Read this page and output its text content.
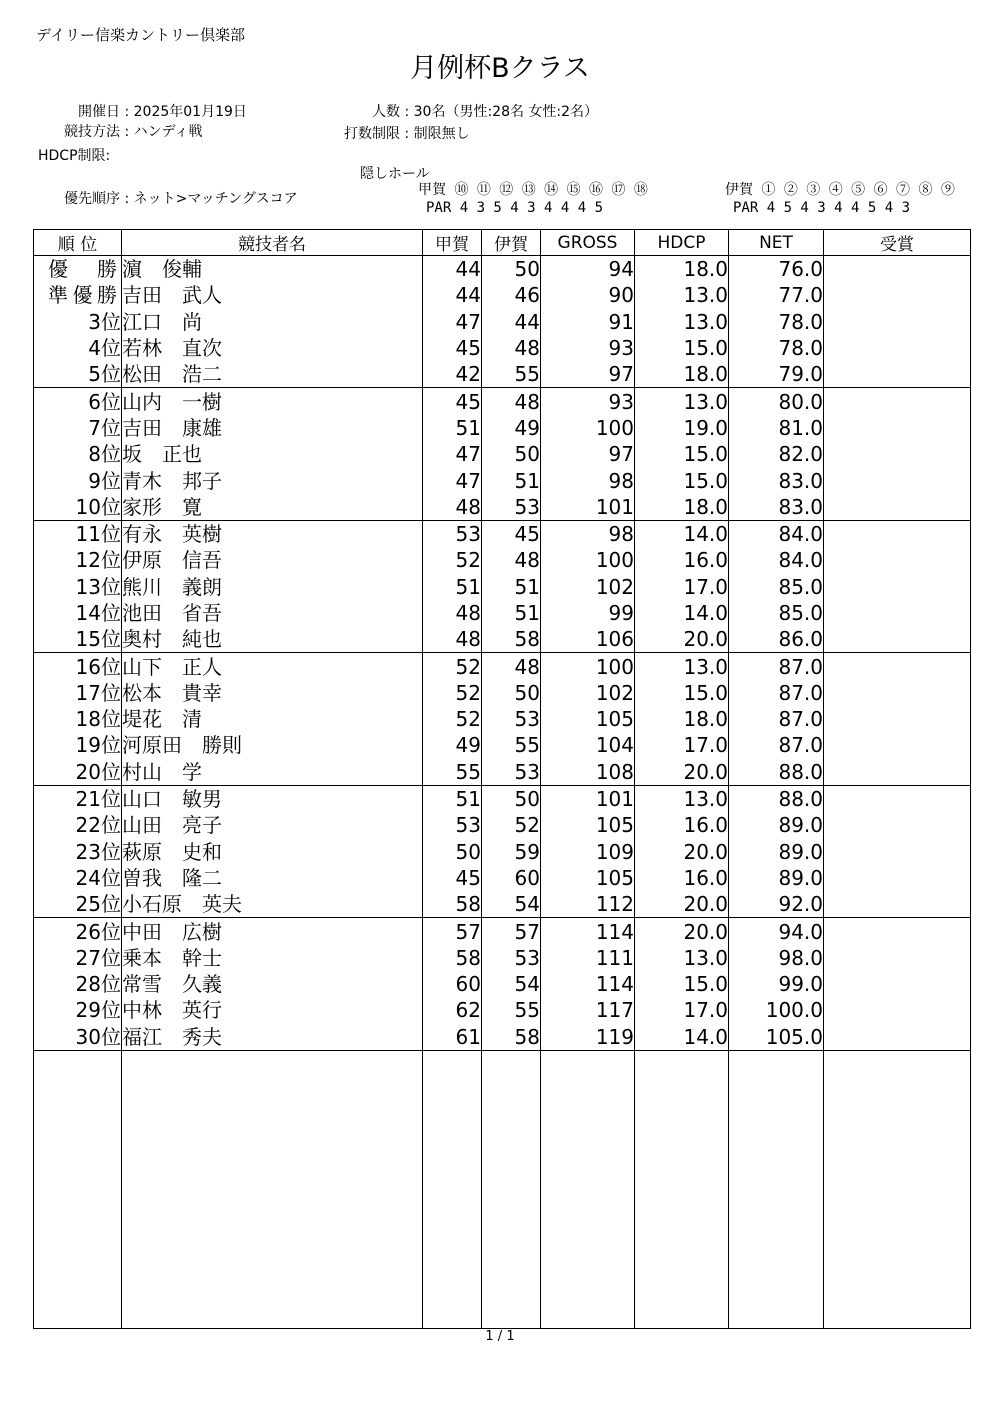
デイリー信楽カントリー倶楽部
月例杯Bクラス
開催日 : 2025年01月19日
競技方法 : ハンディ戦
HDCP制限:
優先順序 : ネット>マッチングスコア
人数 : 30名（男性:28名 女性:2名）
打数制限 : 制限無し
隠しホール
甲賀 ⑩ ⑪ ⑫ ⑬ ⑭ ⑮ ⑯ ⑰ ⑱
PAR 4 3 5 4 3 4 4 4 5
伊賀 ① ② ③ ④ ⑤ ⑥ ⑦ ⑧ ⑨
PAR 4 5 4 3 4 4 5 4 3
順 位	競技者名	甲賀	伊賀	GROSS	HDCP	NET	受賞
優　勝	濵　俊輔	44	50	94	18.0	76.0	
準優勝	吉田　武人	44	46	90	13.0	77.0	
3位	江口　尚	47	44	91	13.0	78.0	
4位	若林　直次	45	48	93	15.0	78.0	
5位	松田　浩二	42	55	97	18.0	79.0	
6位	山内　一樹	45	48	93	13.0	80.0	
7位	吉田　康雄	51	49	100	19.0	81.0	
8位	坂　正也	47	50	97	15.0	82.0	
9位	青木　邦子	47	51	98	15.0	83.0	
10位	家形　寛	48	53	101	18.0	83.0	
11位	有永　英樹	53	45	98	14.0	84.0	
12位	伊原　信吾	52	48	100	16.0	84.0	
13位	熊川　義朗	51	51	102	17.0	85.0	
14位	池田　省吾	48	51	99	14.0	85.0	
15位	奥村　純也	48	58	106	20.0	86.0	
16位	山下　正人	52	48	100	13.0	87.0	
17位	松本　貴幸	52	50	102	15.0	87.0	
18位	堤花　清	52	53	105	18.0	87.0	
19位	河原田　勝則	49	55	104	17.0	87.0	
20位	村山　学	55	53	108	20.0	88.0	
21位	山口　敏男	51	50	101	13.0	88.0	
22位	山田　亮子	53	52	105	16.0	89.0	
23位	萩原　史和	50	59	109	20.0	89.0	
24位	曽我　隆二	45	60	105	16.0	89.0	
25位	小石原　英夫	58	54	112	20.0	92.0	
26位	中田　広樹	57	57	114	20.0	94.0	
27位	乗本　幹士	58	53	111	13.0	98.0	
28位	常雪　久義	60	54	114	15.0	99.0	
29位	中林　英行	62	55	117	17.0	100.0	
30位	福江　秀夫	61	58	119	14.0	105.0	

1 / 1
